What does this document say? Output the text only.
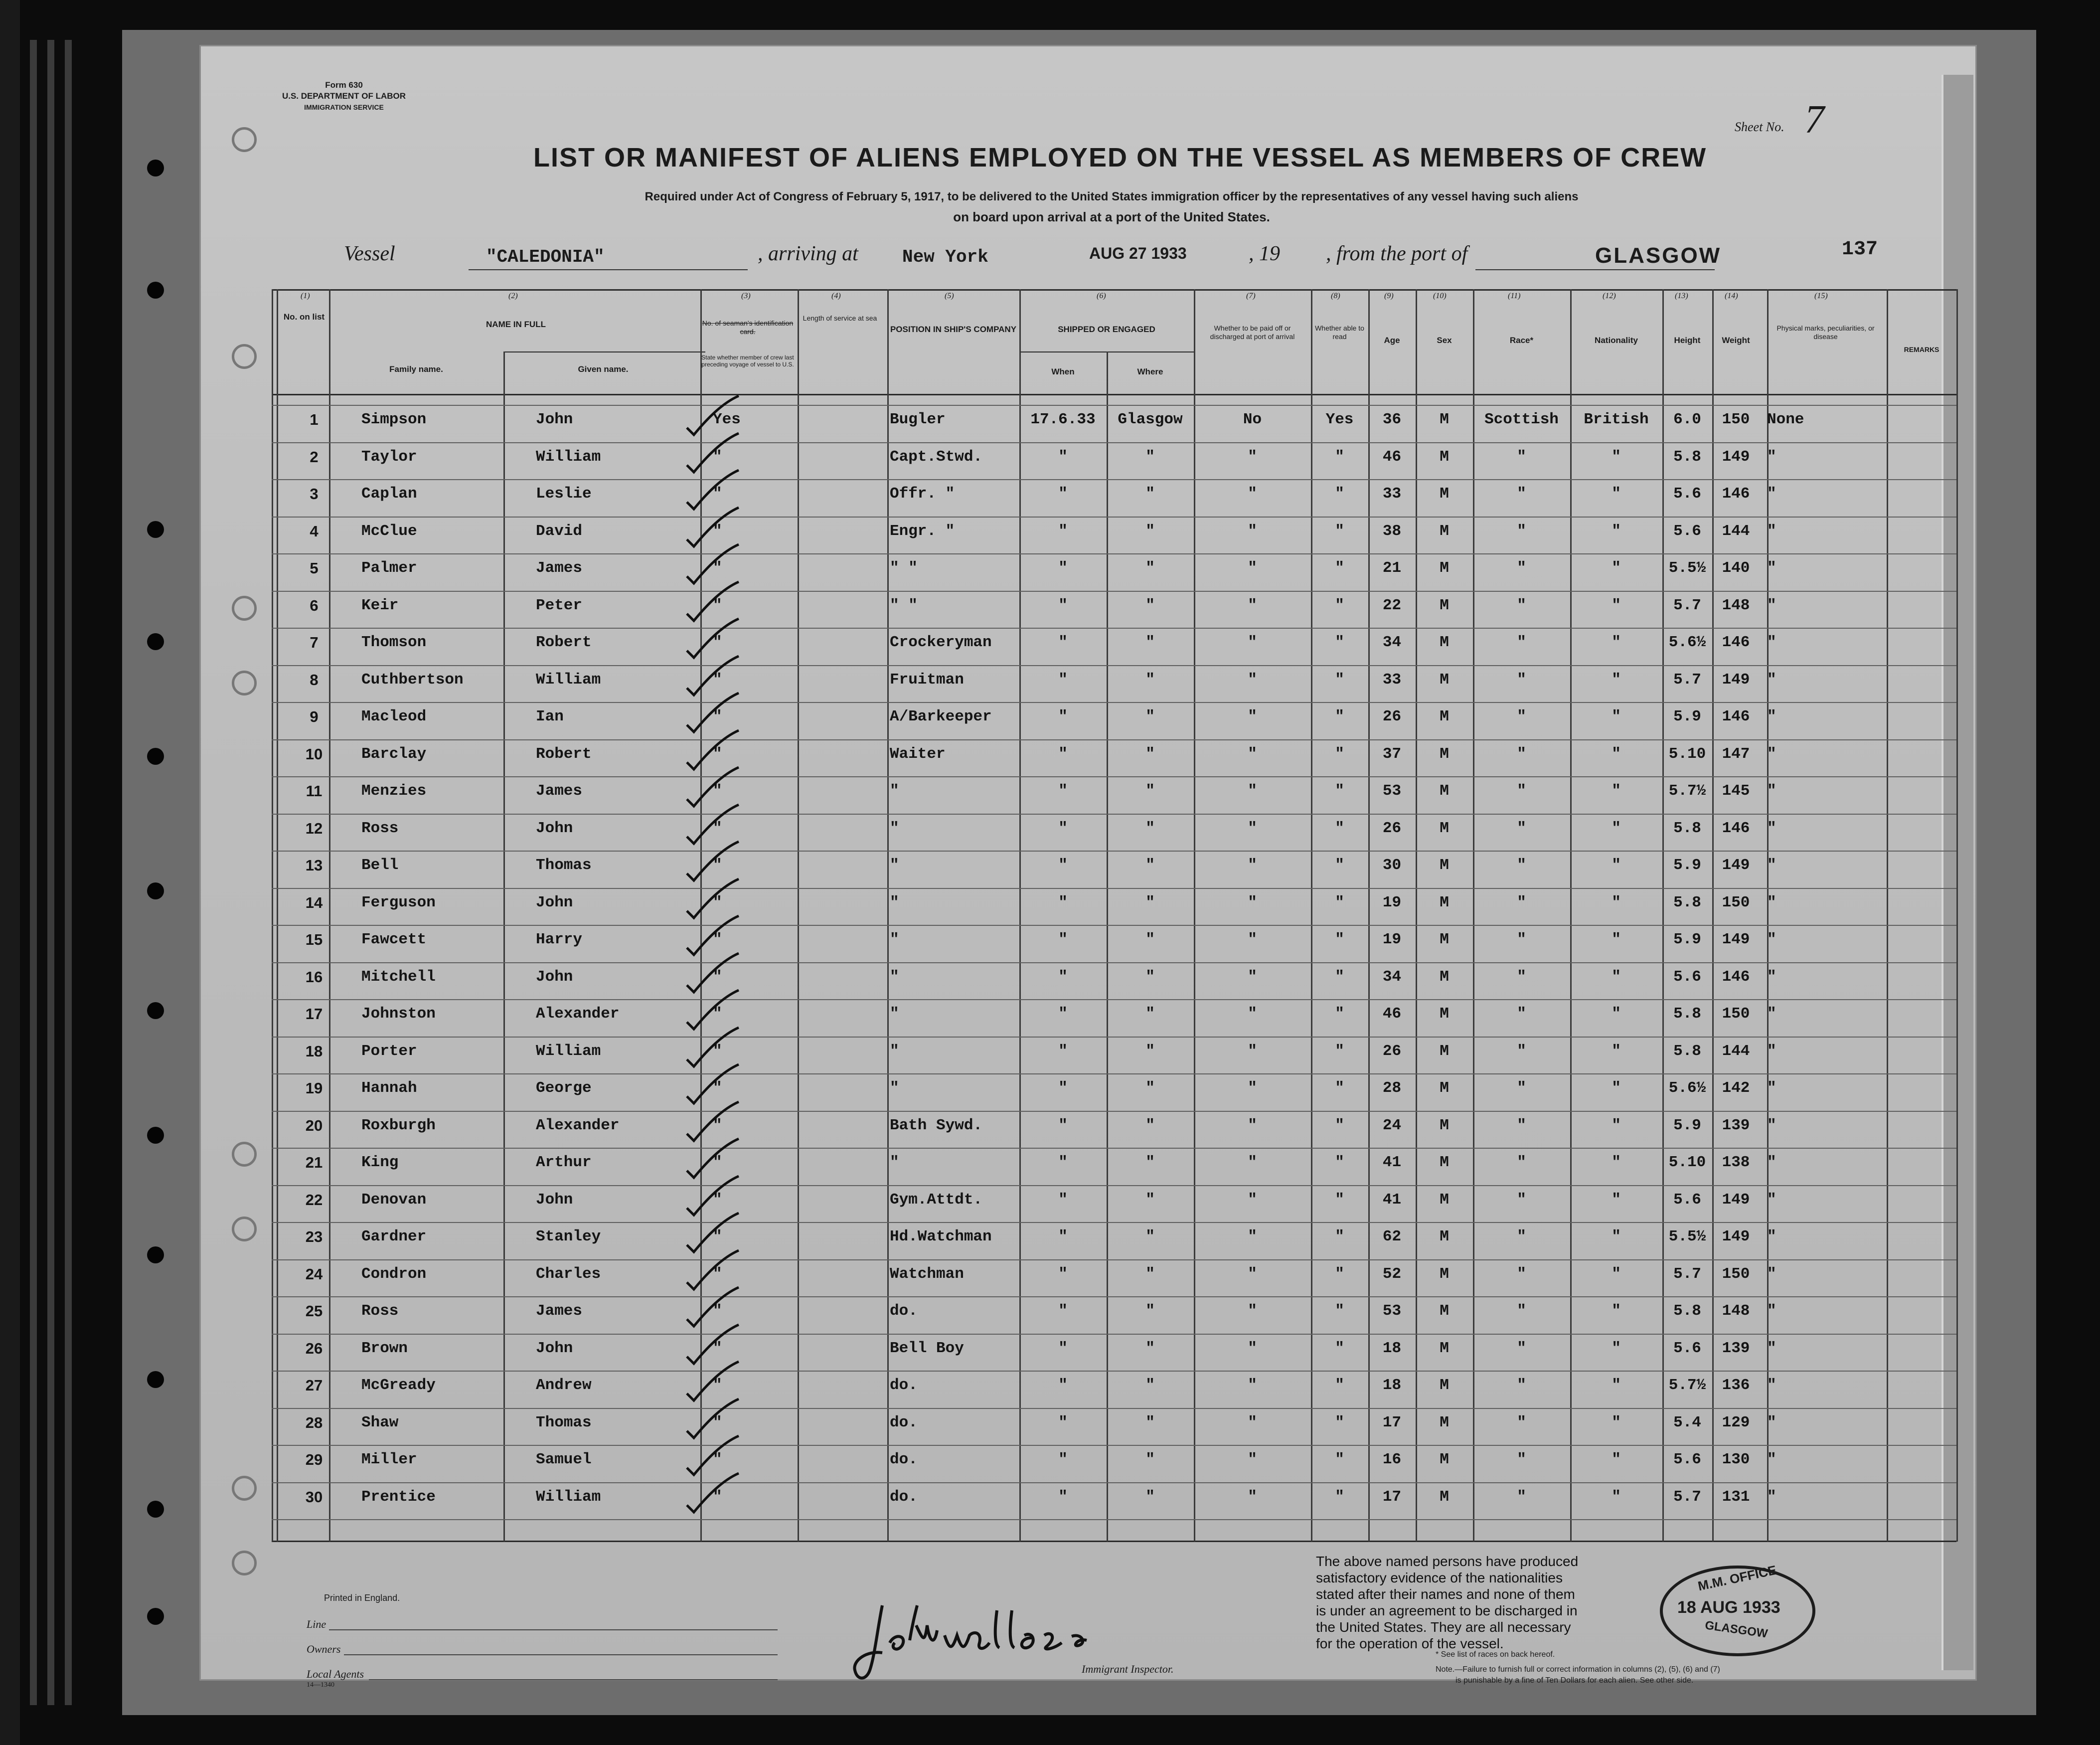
Form 630
U.S. DEPARTMENT OF LABOR
IMMIGRATION SERVICE
Sheet No. 7
LIST OR MANIFEST OF ALIENS EMPLOYED ON THE VESSEL AS MEMBERS OF CREW
Required under Act of Congress of February 5, 1917, to be delivered to the United States immigration officer by the representatives of any vessel having such aliens
on board upon arrival at a port of the United States.
Vessel	"CALEDONIA"	, arriving at New York	AUG 27 1933	, 19 , from the port of	GLASGOW	137
(1)
No. on list
(2)
NAME IN FULL
Family name.	Given name.
(3)
No. of seaman's identification card.
State whether member of crew last preceding voyage of vessel to U.S.
(4)
Length of service at sea
(5)
POSITION IN SHIP'S COMPANY
(6)
SHIPPED OR ENGAGED
When	Where
(7)
Whether to be paid off or discharged at port of arrival
(8)
Whether able to read
(9)
Age
(10)
Sex
(11)
Race*
(12)
Nationality
(13)
Height
(14)
Weight
(15)
Physical marks, peculiarities, or disease
REMARKS
1	Simpson	John	Yes	Bugler	17.6.33	Glasgow	No	Yes	36	M	Scottish	British	6.0	150	None
2	Taylor	William	"	Capt.Stwd.	"	"	"	"	46	M	"	"	5.8	149	"
3	Caplan	Leslie	"	Offr. "	"	"	"	"	33	M	"	"	5.6	146	"
4	McClue	David	"	Engr. "	"	"	"	"	38	M	"	"	5.6	144	"
5	Palmer	James	"	" "	"	"	"	"	21	M	"	"	5.5½	140	"
6	Keir	Peter	"	" "	"	"	"	"	22	M	"	"	5.7	148	"
7	Thomson	Robert	"	Crockeryman	"	"	"	"	34	M	"	"	5.6½	146	"
8	Cuthbertson	William	"	Fruitman	"	"	"	"	33	M	"	"	5.7	149	"
9	Macleod	Ian	"	A/Barkeeper	"	"	"	"	26	M	"	"	5.9	146	"
10	Barclay	Robert	"	Waiter	"	"	"	"	37	M	"	"	5.10	147	"
11	Menzies	James	"	"	"	"	"	"	53	M	"	"	5.7½	145	"
12	Ross	John	"	"	"	"	"	"	26	M	"	"	5.8	146	"
13	Bell	Thomas	"	"	"	"	"	"	30	M	"	"	5.9	149	"
14	Ferguson	John	"	"	"	"	"	"	19	M	"	"	5.8	150	"
15	Fawcett	Harry	"	"	"	"	"	"	19	M	"	"	5.9	149	"
16	Mitchell	John	"	"	"	"	"	"	34	M	"	"	5.6	146	"
17	Johnston	Alexander	"	"	"	"	"	"	46	M	"	"	5.8	150	"
18	Porter	William	"	"	"	"	"	"	26	M	"	"	5.8	144	"
19	Hannah	George	"	"	"	"	"	"	28	M	"	"	5.6½	142	"
20	Roxburgh	Alexander	"	Bath Sywd.	"	"	"	"	24	M	"	"	5.9	139	"
21	King	Arthur	"	"	"	"	"	"	41	M	"	"	5.10	138	"
22	Denovan	John	"	Gym.Attdt.	"	"	"	"	41	M	"	"	5.6	149	"
23	Gardner	Stanley	"	Hd.Watchman	"	"	"	"	62	M	"	"	5.5½	149	"
24	Condron	Charles	"	Watchman	"	"	"	"	52	M	"	"	5.7	150	"
25	Ross	James	"	do.	"	"	"	"	53	M	"	"	5.8	148	"
26	Brown	John	"	Bell Boy	"	"	"	"	18	M	"	"	5.6	139	"
27	McGready	Andrew	"	do.	"	"	"	"	18	M	"	"	5.7½	136	"
28	Shaw	Thomas	"	do.	"	"	"	"	17	M	"	"	5.4	129	"
29	Miller	Samuel	"	do.	"	"	"	"	16	M	"	"	5.6	130	"
30	Prentice	William	"	do.	"	"	"	"	17	M	"	"	5.7	131	"
Printed in England.
Line
Owners
Local Agents
14—1340
John Wallace
Immigrant Inspector.
The above named persons have produced
satisfactory evidence of the nationalities
stated after their names and none of them
is under an agreement to be discharged in
the United States. They are all necessary
for the operation of the vessel.
M.M. OFFICE
18 AUG 1933
GLASGOW
* See list of races on back hereof.
Note.—Failure to furnish full or correct information in columns (2), (5), (6) and (7)
is punishable by a fine of Ten Dollars for each alien. See other side.
